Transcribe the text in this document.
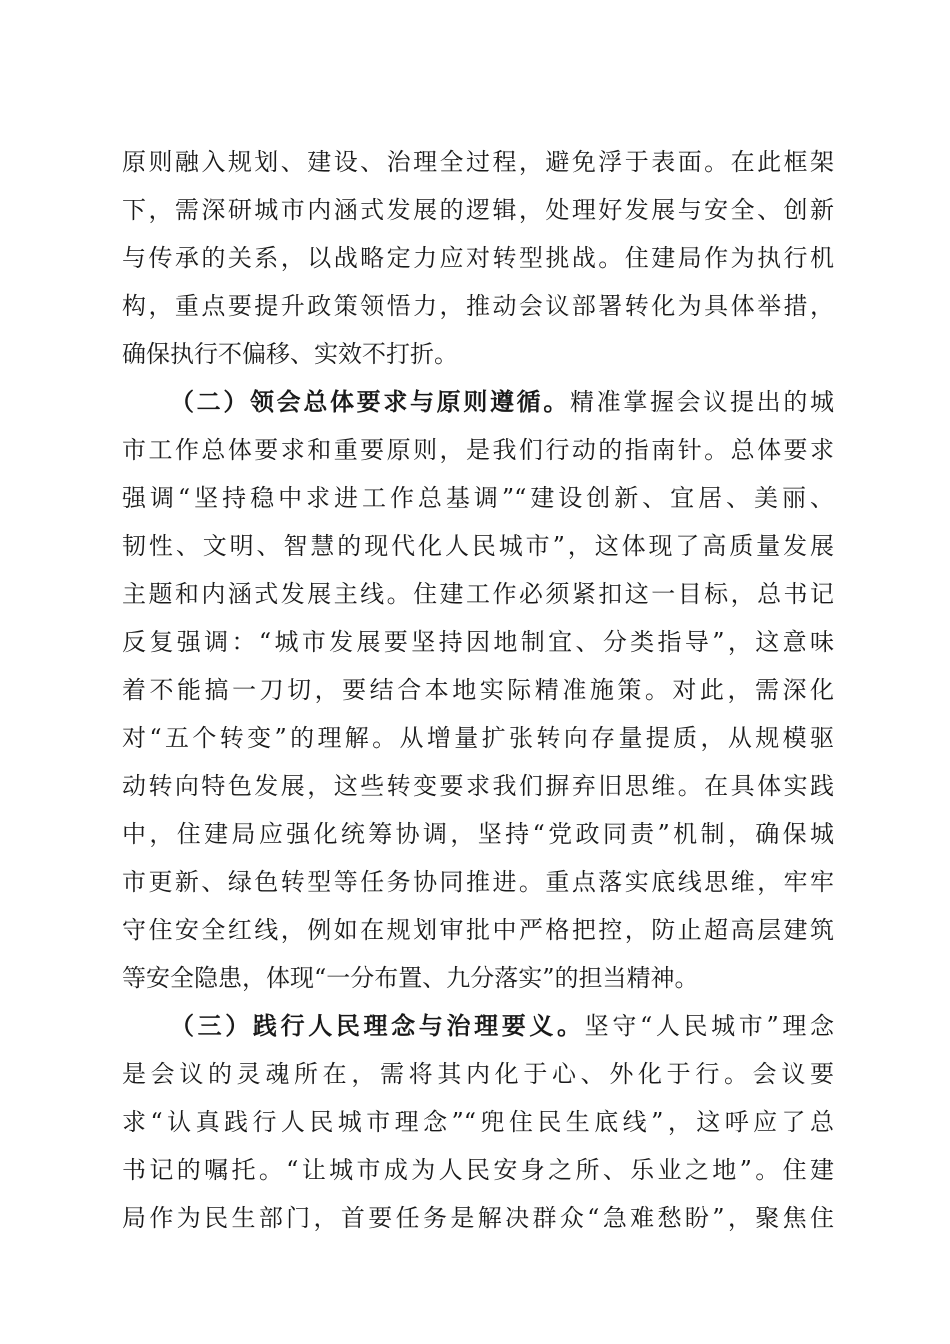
原则融入规划、建设、治理全过程，避免浮于表面。在此框架
下，需深研城市内涵式发展的逻辑，处理好发展与安全、创新
与传承的关系，以战略定力应对转型挑战。住建局作为执行机
构，重点要提升政策领悟力，推动会议部署转化为具体举措，
确保执行不偏移、实效不打折。
（二）领会总体要求与原则遵循。精准掌握会议提出的城
市工作总体要求和重要原则，是我们行动的指南针。总体要求
强调“坚持稳中求进工作总基调”“建设创新、宜居、美丽、
韧性、文明、智慧的现代化人民城市”，这体现了高质量发展
主题和内涵式发展主线。住建工作必须紧扣这一目标，总书记
反复强调：“城市发展要坚持因地制宜、分类指导”，这意味
着不能搞一刀切，要结合本地实际精准施策。对此，需深化
对“五个转变”的理解。从增量扩张转向存量提质，从规模驱
动转向特色发展，这些转变要求我们摒弃旧思维。在具体实践
中，住建局应强化统筹协调，坚持“党政同责”机制，确保城
市更新、绿色转型等任务协同推进。重点落实底线思维，牢牢
守住安全红线，例如在规划审批中严格把控，防止超高层建筑
等安全隐患，体现“一分布置、九分落实”的担当精神。
（三）践行人民理念与治理要义。坚守“人民城市”理念
是会议的灵魂所在，需将其内化于心、外化于行。会议要
求“认真践行人民城市理念”“兜住民生底线”，这呼应了总
书记的嘱托。“让城市成为人民安身之所、乐业之地”。住建
局作为民生部门，首要任务是解决群众“急难愁盼”，聚焦住
